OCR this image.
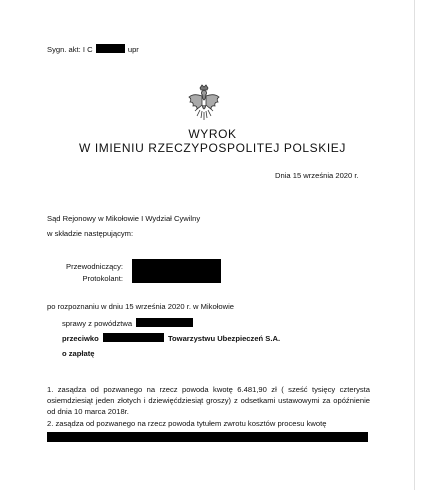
Sygn. akt: I C	upr
WYROK
W IMIENIU RZECZYPOSPOLITEJ POLSKIEJ
Dnia 15 września 2020 r.
Sąd Rejonowy w Mikołowie I Wydział Cywilny
w składzie następującym:
Przewodniczący:
Protokolant:
po rozpoznaniu w dniu 15 września 2020 r. w Mikołowie
sprawy z powództwa
przeciwko	Towarzystwu Ubezpieczeń S.A.
o zapłatę
1. zasądza od pozwanego na rzecz powoda kwotę 6.481,90 zł ( sześć tysięcy czterysta osiemdziesiąt jeden złotych i dziewięćdziesiąt groszy) z odsetkami ustawowymi za opóźnienie od dnia 10 marca 2018r.
2. zasądza od pozwanego na rzecz powoda tytułem zwrotu kosztów procesu kwotę
